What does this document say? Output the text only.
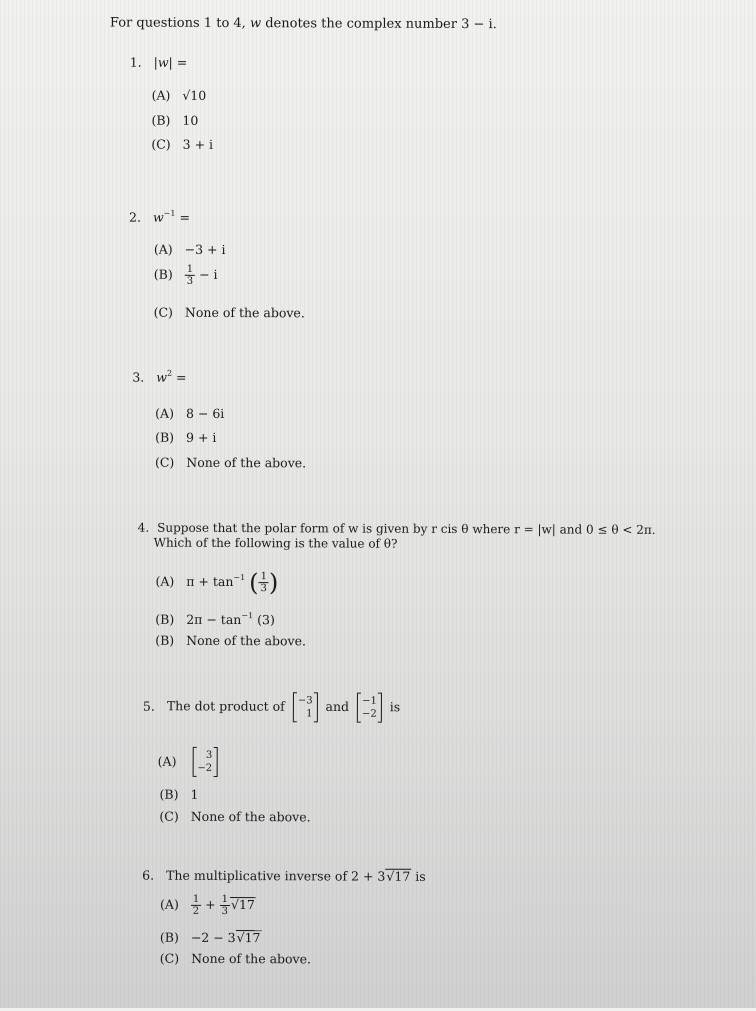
For questions 1 to 4, w denotes the complex number 3 − i.
1. |w| =
(A) √10
(B) 10
(C) 3 + i
2. $w^{-1}$ =
(A) −3 + i
$(B) \frac{1}{3} - i$
(C) None of the above.
3. $w^2$ =
(A) 8 − 6i
(B) 9 + i
(C) None of the above.
4. Suppose that the polar form of w is given by r cis θ where r = |w| and 0 ≤ θ < 2π.
Which of the following is the value of θ?
(A) $\pi + \tan^{-1}$ ( $\frac{1}{3}$ )
(B) $2\pi - \tan^{-1} (3)$
(B) None of the above.
5. The dot product of −3
1 and −1
−2 is
(A)	3
−2
(B) 1
(C) None of the above.
6. The multiplicative inverse of 2 + 3√17 is
$(A) \frac{1}{2} + \frac{1}{3} √17$
(B) −2 − 3√17
(C) None of the above.
